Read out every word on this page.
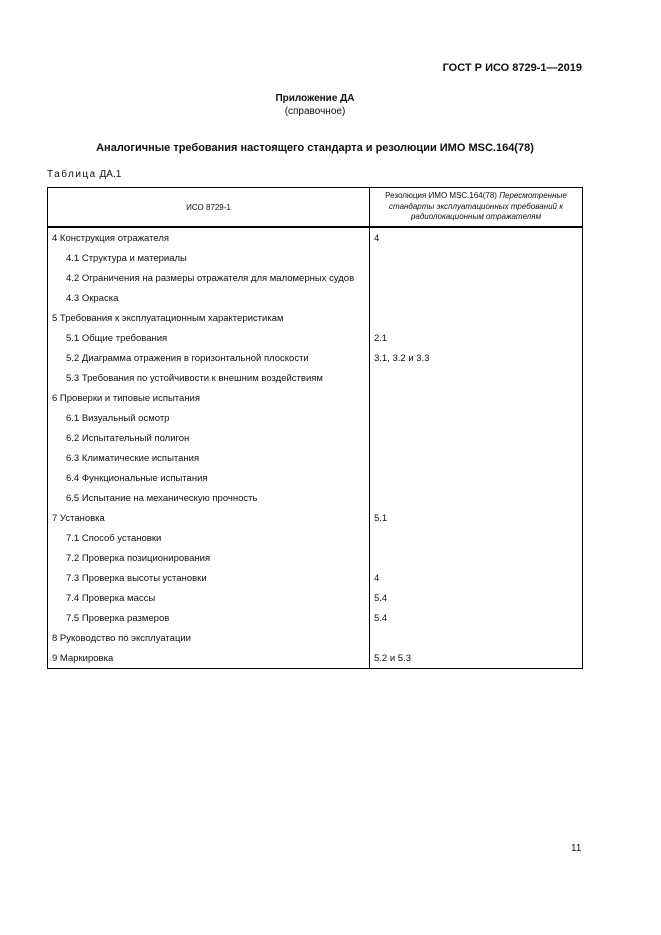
ГОСТ Р ИСО 8729-1—2019
Приложение ДА
(справочное)
Аналогичные требования настоящего стандарта и резолюции ИМО MSC.164(78)
Таблица ДА.1
ИСО 8729-1	Резолюция ИМО MSC.164(78) Пересмотренные стандарты эксплуатационных требований к радиолокационным отражателям
4 Конструкция отражателя	4
4.1 Структура и материалы	
4.2 Ограничения на размеры отражателя для маломерных судов	
4.3 Окраска	
5 Требования к эксплуатационным характеристикам	
5.1 Общие требования	2.1
5.2 Диаграмма отражения в горизонтальной плоскости	3.1, 3.2 и 3.3
5.3 Требования по устойчивости к внешним воздействиям	
6 Проверки и типовые испытания	
6.1 Визуальный осмотр	
6.2 Испытательный полигон	
6.3 Климатические испытания	
6.4 Функциональные испытания	
6.5 Испытание на механическую прочность	
7 Установка	5.1
7.1 Способ установки	
7.2 Проверка позиционирования	
7.3 Проверка высоты установки	4
7.4 Проверка массы	5.4
7.5 Проверка размеров	5.4
8 Руководство по эксплуатации	
9 Маркировка	5.2 и 5.3
11
